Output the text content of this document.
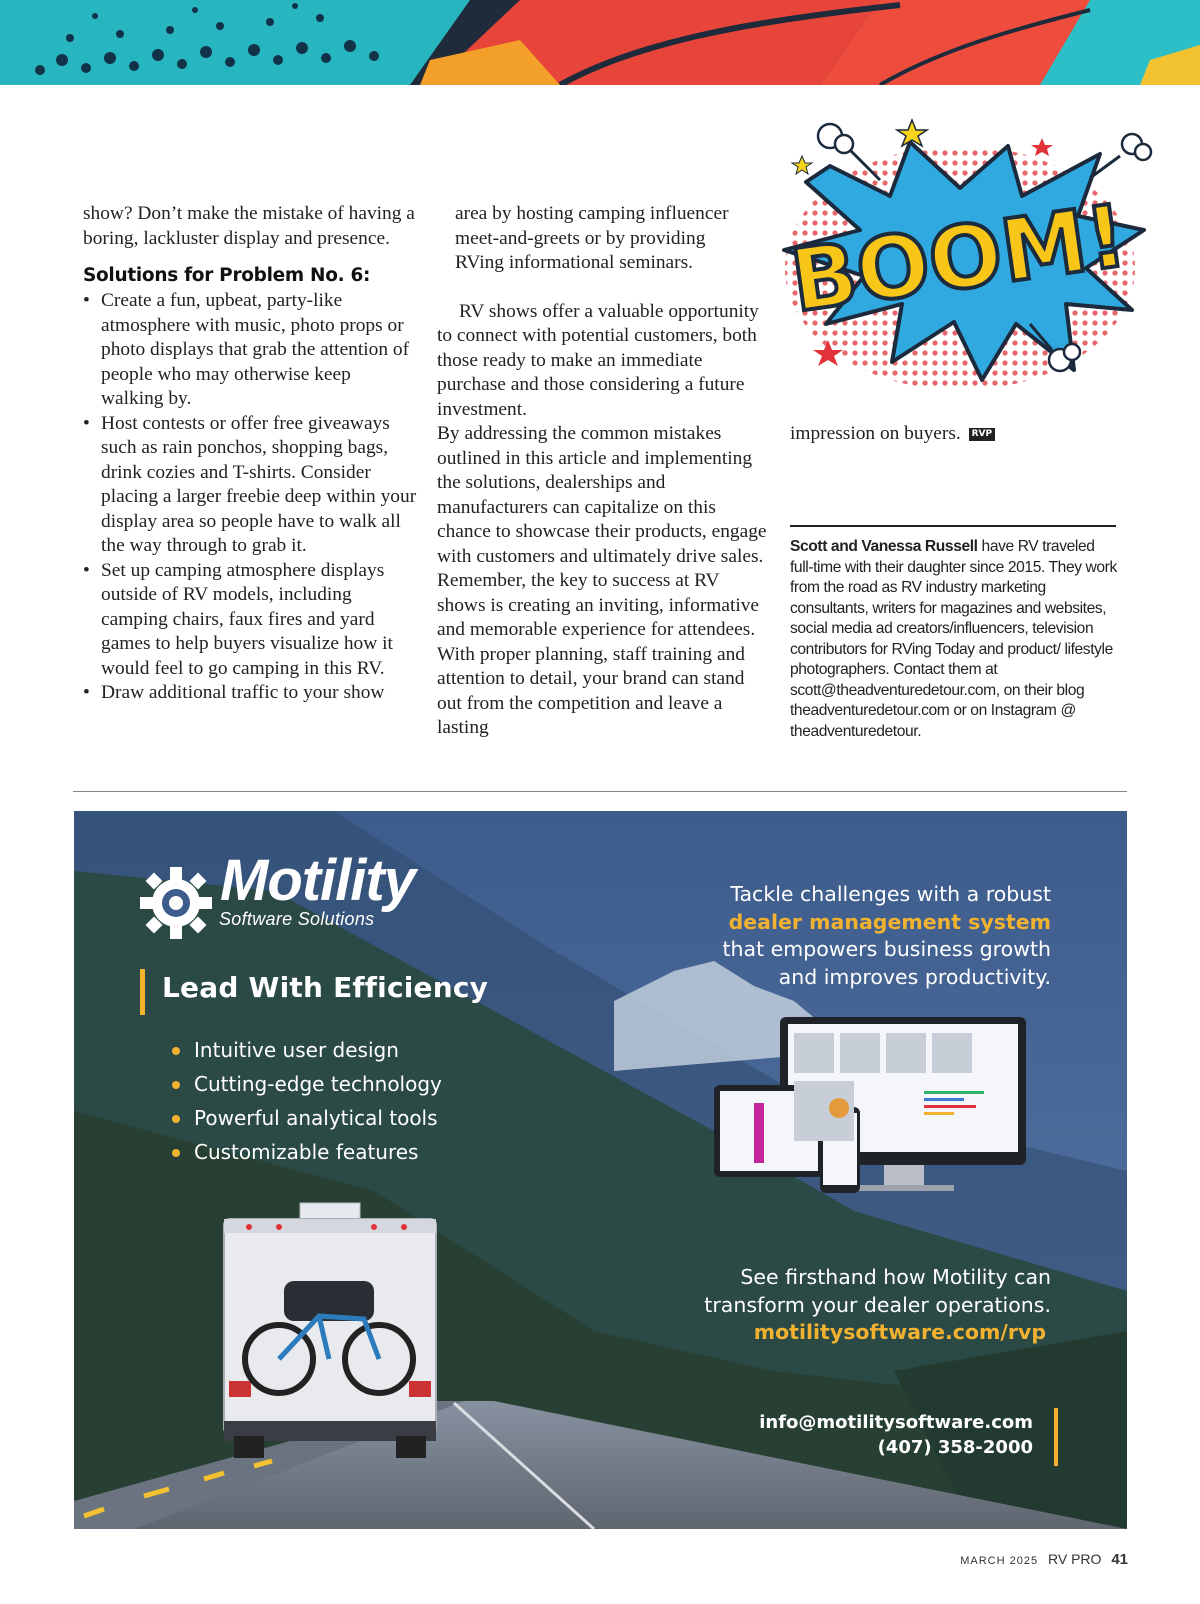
BOOM!

show? Don’t make the mistake of having a boring, lackluster display and presence.

Solutions for Problem No. 6:
• Create a fun, upbeat, party-like atmosphere with music, photo props or photo displays that grab the attention of people who may otherwise keep walking by.
• Host contests or offer free giveaways such as rain ponchos, shopping bags, drink cozies and T-shirts. Consider placing a larger freebie deep within your display area so people have to walk all the way through to grab it.
• Set up camping atmosphere displays outside of RV models, including camping chairs, faux fires and yard games to help buyers visualize how it would feel to go camping in this RV.
• Draw additional traffic to your show

area by hosting camping influencer meet-and-greets or by providing RVing informational seminars.

RV shows offer a valuable opportunity to connect with potential customers, both those ready to make an immediate purchase and those considering a future investment.

By addressing the common mistakes outlined in this article and implementing the solutions, dealerships and manufacturers can capitalize on this chance to showcase their products, engage with customers and ultimately drive sales. Remember, the key to success at RV shows is creating an inviting, informative and memorable experience for attendees. With proper planning, staff training and attention to detail, your brand can stand out from the competition and leave a lasting

impression on buyers. RVP

Scott and Vanessa Russell have RV traveled full-time with their daughter since 2015. They work from the road as RV industry marketing consultants, writers for magazines and websites, social media ad creators/influencers, television contributors for RVing Today and product/ lifestyle photographers. Contact them at scott@theadventuredetour.com, on their blog theadventuredetour.com or on Instagram @ theadventuredetour.
Motility
Software Solutions
Lead With Efficiency
Intuitive user design
Cutting-edge technology
Powerful analytical tools
Customizable features
Tackle challenges with a robust
dealer management system
that empowers business growth
and improves productivity.
See firsthand how Motility can
transform your dealer operations.
motilitysoftware.com/rvp
info@motilitysoftware.com
(407) 358-2000
MARCH 2025 RV PRO 41
